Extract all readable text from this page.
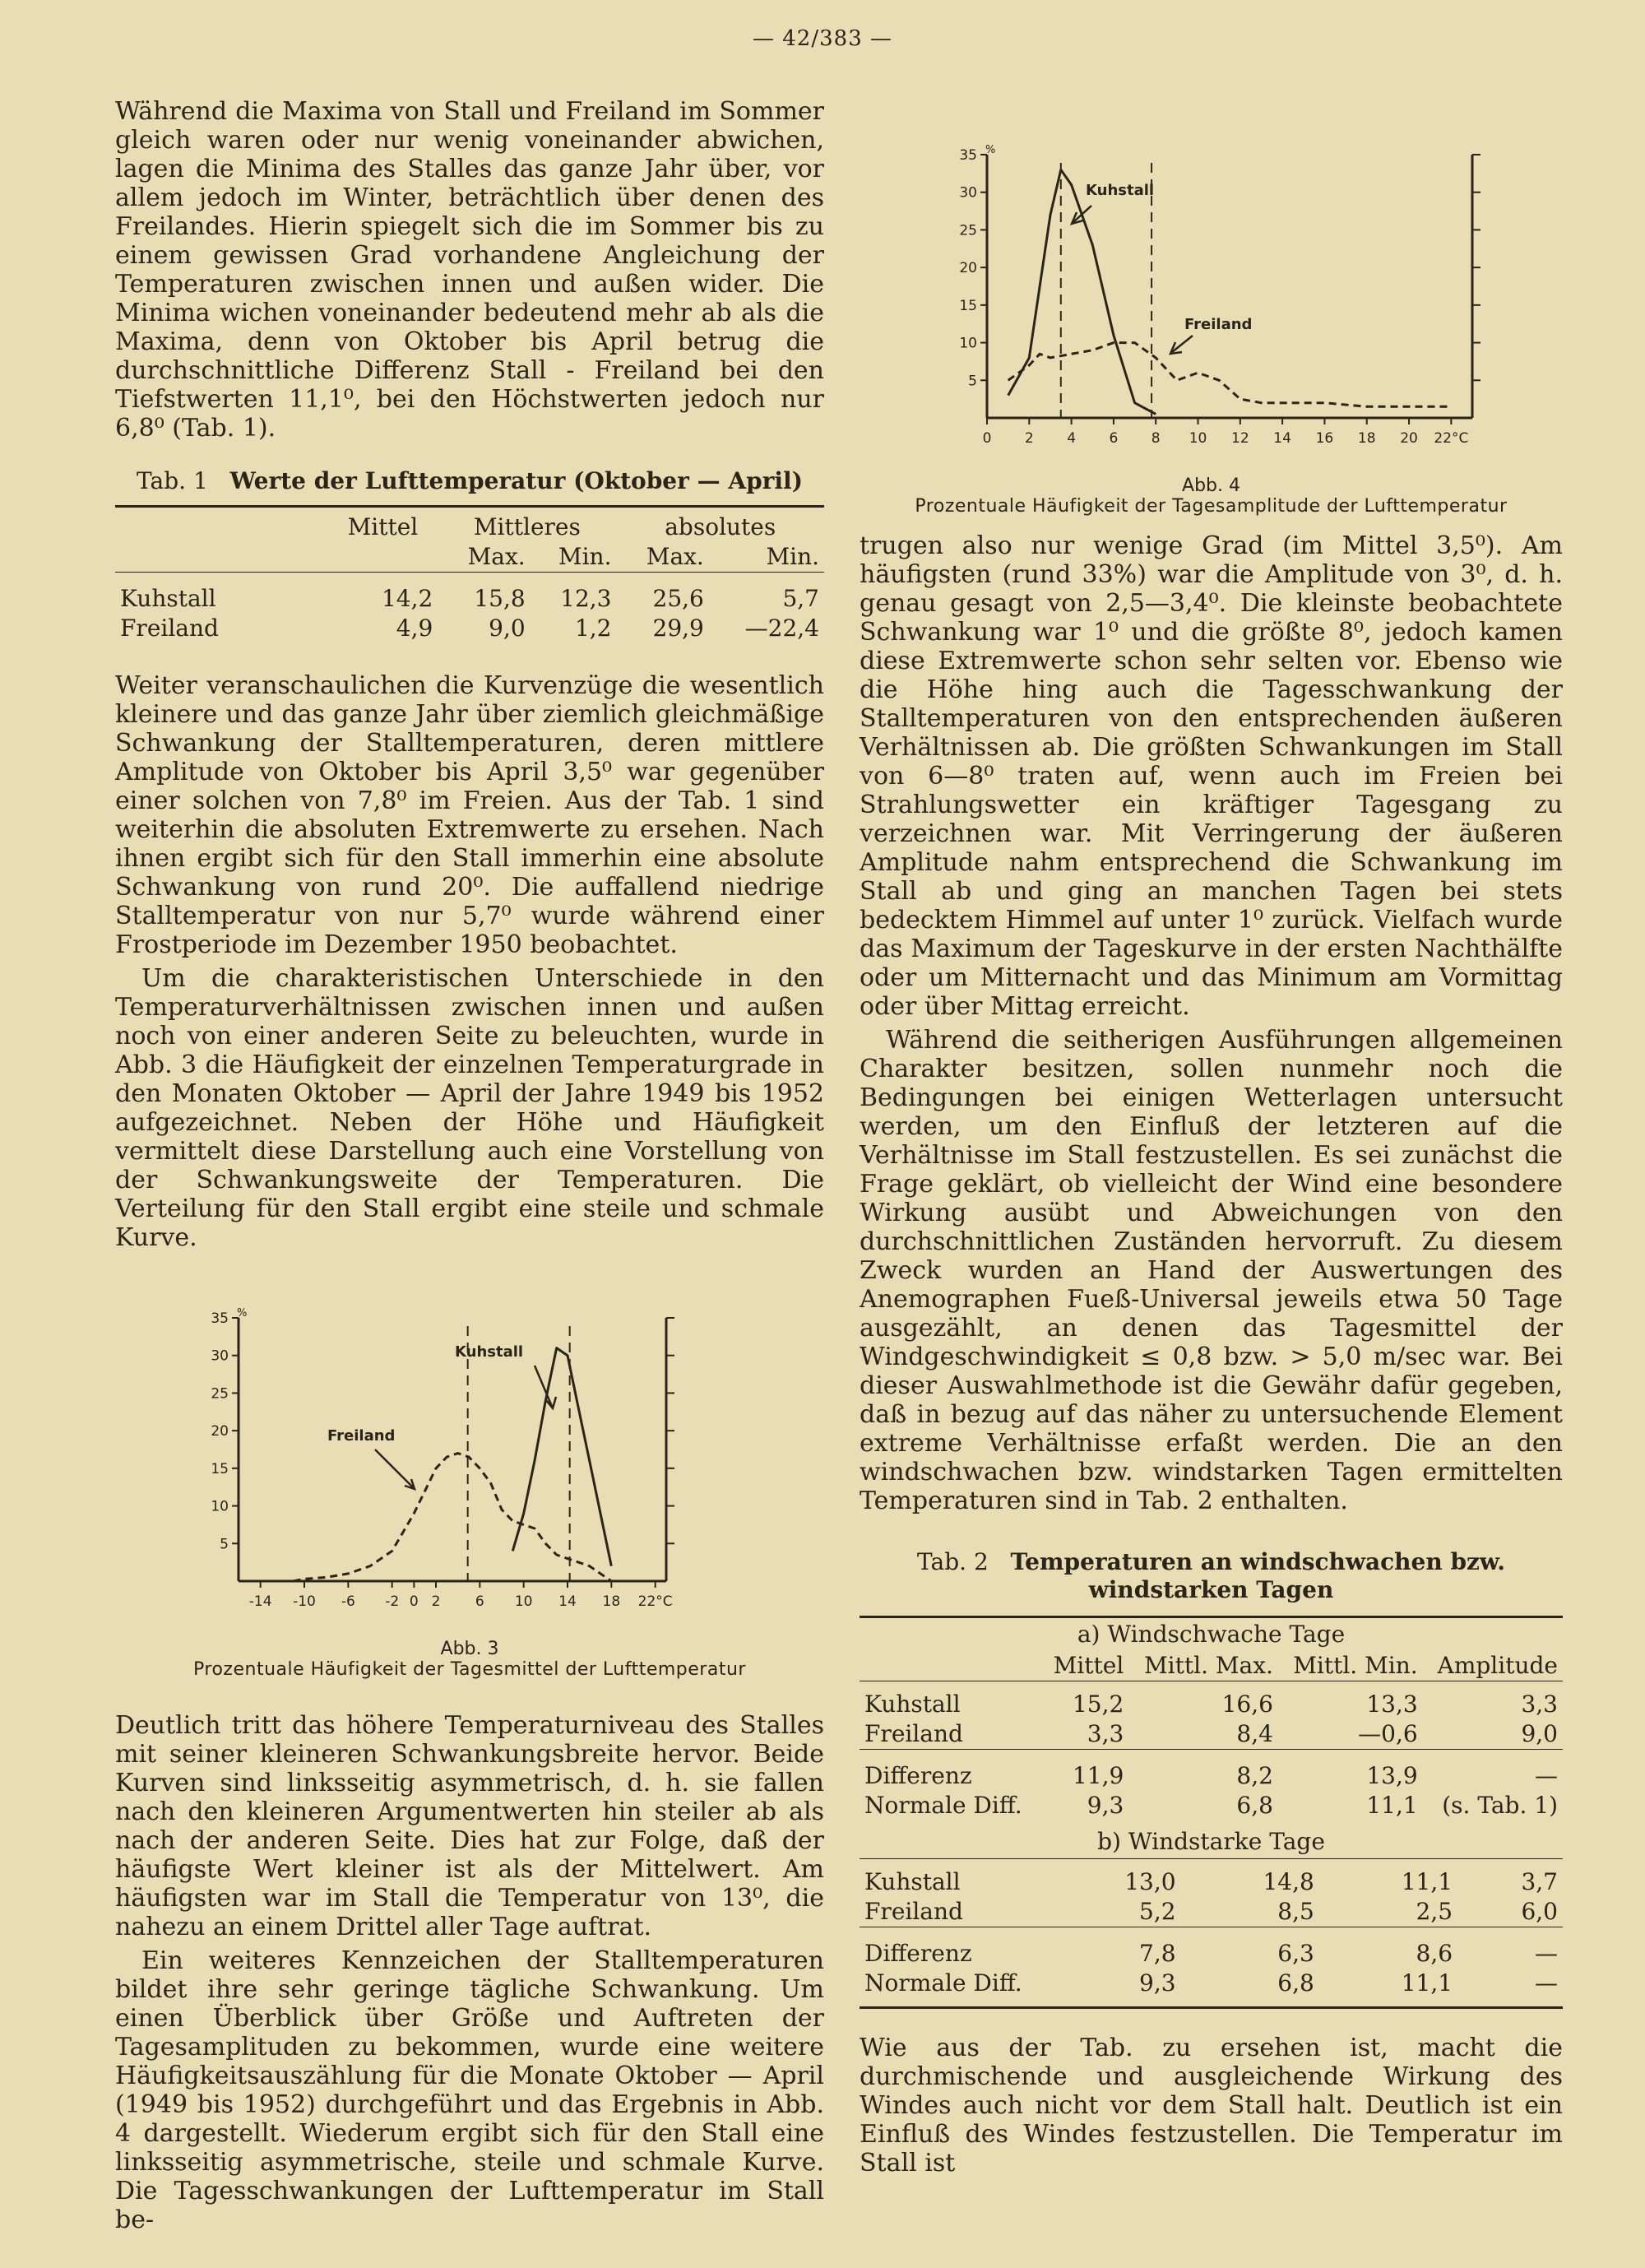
— 42/383 —

Während die Maxima von Stall und Freiland im Sommer gleich waren oder nur wenig voneinander abwichen, lagen die Minima des Stalles das ganze Jahr über, vor allem jedoch im Winter, beträchtlich über denen des Freilandes. Hierin spiegelt sich die im Sommer bis zu einem gewissen Grad vorhandene Angleichung der Temperaturen zwischen innen und außen wider. Die Minima wichen voneinander bedeutend mehr ab als die Maxima, denn von Oktober bis April betrug die durchschnittliche Differenz Stall - Freiland bei den Tiefstwerten 11,1⁰, bei den Höchstwerten jedoch nur 6,8⁰ (Tab. 1).

Tab. 1 Werte der Lufttemperatur (Oktober — April)
	Mittel	Mittleres		absolutes	
		Max.	Min.	Max.	Min.

Kuhstall	14,2	15,8	12,3	25,6	5,7
Freiland	4,9	9,0	1,2	29,9	—22,4

Weiter veranschaulichen die Kurvenzüge die wesentlich kleinere und das ganze Jahr über ziemlich gleichmäßige Schwankung der Stalltemperaturen, deren mittlere Amplitude von Oktober bis April 3,5⁰ war gegenüber einer solchen von 7,8⁰ im Freien. Aus der Tab. 1 sind weiterhin die absoluten Extremwerte zu ersehen. Nach ihnen ergibt sich für den Stall immerhin eine absolute Schwankung von rund 20⁰. Die auffallend niedrige Stalltemperatur von nur 5,7⁰ wurde während einer Frostperiode im Dezember 1950 beobachtet.

Um die charakteristischen Unterschiede in den Temperaturverhältnissen zwischen innen und außen noch von einer anderen Seite zu beleuchten, wurde in Abb. 3 die Häufigkeit der einzelnen Temperaturgrade in den Monaten Oktober — April der Jahre 1949 bis 1952 aufgezeichnet. Neben der Höhe und Häufigkeit vermittelt diese Darstellung auch eine Vorstellung von der Schwankungsweite der Temperaturen. Die Verteilung für den Stall ergibt eine steile und schmale Kurve.

5
10
15
20
25
30
35 %
-14 -10 -6 -2 0 2	6 10 14 18 22°C
Kuhstall
Freiland
Abb. 3
Prozentuale Häufigkeit der Tagesmittel der Lufttemperatur

Deutlich tritt das höhere Temperaturniveau des Stalles mit seiner kleineren Schwankungsbreite hervor. Beide Kurven sind linksseitig asymmetrisch, d. h. sie fallen nach den kleineren Argumentwerten hin steiler ab als nach der anderen Seite. Dies hat zur Folge, daß der häufigste Wert kleiner ist als der Mittelwert. Am häufigsten war im Stall die Temperatur von 13⁰, die nahezu an einem Drittel aller Tage auftrat.

Ein weiteres Kennzeichen der Stalltemperaturen bildet ihre sehr geringe tägliche Schwankung. Um einen Überblick über Größe und Auftreten der Tagesamplituden zu bekommen, wurde eine weitere Häufigkeitsauszählung für die Monate Oktober — April (1949 bis 1952) durchgeführt und das Ergebnis in Abb. 4 dargestellt. Wiederum ergibt sich für den Stall eine linksseitig asymmetrische, steile und schmale Kurve. Die Tagesschwankungen der Lufttemperatur im Stall be-

5
10
15
20
25
30
35 %
0 2 4 6 8 10 12 14 16 18 20 22°C
Kuhstall
Freiland
Abb. 4
Prozentuale Häufigkeit der Tagesamplitude der Lufttemperatur

trugen also nur wenige Grad (im Mittel 3,5⁰). Am häufigsten (rund 33%) war die Amplitude von 3⁰, d. h. genau gesagt von 2,5—3,4⁰. Die kleinste beobachtete Schwankung war 1⁰ und die größte 8⁰, jedoch kamen diese Extremwerte schon sehr selten vor. Ebenso wie die Höhe hing auch die Tagesschwankung der Stalltemperaturen von den entsprechenden äußeren Verhältnissen ab. Die größten Schwankungen im Stall von 6—8⁰ traten auf, wenn auch im Freien bei Strahlungswetter ein kräftiger Tagesgang zu verzeichnen war. Mit Verringerung der äußeren Amplitude nahm entsprechend die Schwankung im Stall ab und ging an manchen Tagen bei stets bedecktem Himmel auf unter 1⁰ zurück. Vielfach wurde das Maximum der Tageskurve in der ersten Nachthälfte oder um Mitternacht und das Minimum am Vormittag oder über Mittag erreicht.

Während die seitherigen Ausführungen allgemeinen Charakter besitzen, sollen nunmehr noch die Bedingungen bei einigen Wetterlagen untersucht werden, um den Einfluß der letzteren auf die Verhältnisse im Stall festzustellen. Es sei zunächst die Frage geklärt, ob vielleicht der Wind eine besondere Wirkung ausübt und Abweichungen von den durchschnittlichen Zuständen hervorruft. Zu diesem Zweck wurden an Hand der Auswertungen des Anemographen Fueß-Universal jeweils etwa 50 Tage ausgezählt, an denen das Tagesmittel der Windgeschwindigkeit ≤ 0,8 bzw. > 5,0 m/sec war. Bei dieser Auswahlmethode ist die Gewähr dafür gegeben, daß in bezug auf das näher zu untersuchende Element extreme Verhältnisse erfaßt werden. Die an den windschwachen bzw. windstarken Tagen ermittelten Temperaturen sind in Tab. 2 enthalten.

Tab. 2 Temperaturen an windschwachen bzw.
windstarken Tagen
a) Windschwache Tage
	Mittel	Mittl. Max.	Mittl. Min.	Amplitude

Kuhstall	15,2	16,6	13,3	3,3
Freiland	3,3	8,4	—0,6	9,0

Differenz	11,9	8,2	13,9	—
Normale Diff.	9,3	6,8	11,1	(s. Tab. 1)
b) Windstarke Tage

Kuhstall	13,0	14,8	11,1	3,7
Freiland	5,2	8,5	2,5	6,0

Differenz	7,8	6,3	8,6	—
Normale Diff.	9,3	6,8	11,1	—

Wie aus der Tab. zu ersehen ist, macht die durchmischende und ausgleichende Wirkung des Windes auch nicht vor dem Stall halt. Deutlich ist ein Einfluß des Windes festzustellen. Die Temperatur im Stall ist
